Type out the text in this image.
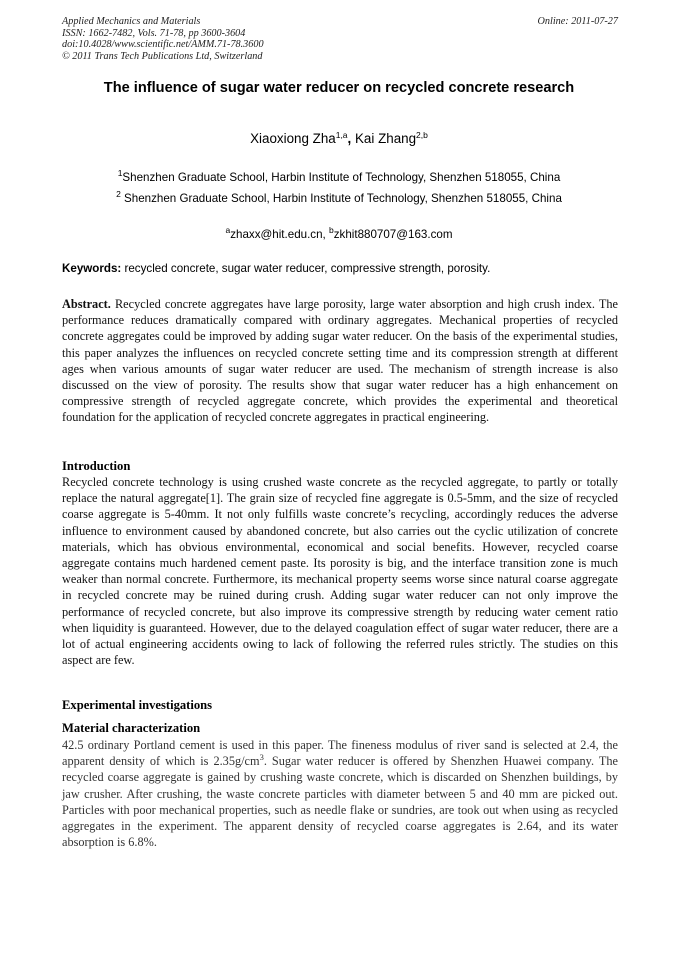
Applied Mechanics and Materials
ISSN: 1662-7482, Vols. 71-78, pp 3600-3604
doi:10.4028/www.scientific.net/AMM.71-78.3600
© 2011 Trans Tech Publications Ltd, Switzerland
Online: 2011-07-27
The influence of sugar water reducer on recycled concrete research
Xiaoxiong Zha$^{1,a}$, Kai Zhang$^{2,b}$
$^1$Shenzhen Graduate School, Harbin Institute of Technology, Shenzhen 518055, China
$^2$ Shenzhen Graduate School, Harbin Institute of Technology, Shenzhen 518055, China
$^a$zhaxx@hit.edu.cn, $^b$zkhit880707@163.com
Keywords: recycled concrete, sugar water reducer, compressive strength, porosity.

Abstract. Recycled concrete aggregates have large porosity, large water absorption and high crush index. The performance reduces dramatically compared with ordinary aggregates. Mechanical properties of recycled concrete aggregates could be improved by adding sugar water reducer. On the basis of the experimental studies, this paper analyzes the influences on recycled concrete setting time and its compression strength at different ages when various amounts of sugar water reducer are used. The mechanism of strength increase is also discussed on the view of porosity. The results show that sugar water reducer has a high enhancement on compressive strength of recycled aggregate concrete, which provides the experimental and theoretical foundation for the application of recycled concrete aggregates in practical engineering.

Introduction

Recycled concrete technology is using crushed waste concrete as the recycled aggregate, to partly or totally replace the natural aggregate[1]. The grain size of recycled fine aggregate is 0.5-5mm, and the size of recycled coarse aggregate is 5-40mm. It not only fulfills waste concrete’s recycling, accordingly reduces the adverse influence to environment caused by abandoned concrete, but also carries out the cyclic utilization of concrete materials, which has obvious environmental, economical and social benefits. However, recycled coarse aggregate contains much hardened cement paste. Its porosity is big, and the interface transition zone is much weaker than normal concrete. Furthermore, its mechanical property seems worse since natural coarse aggregate in recycled concrete may be ruined during crush. Adding sugar water reducer can not only improve the performance of recycled concrete, but also improve its compressive strength by reducing water cement ratio when liquidity is guaranteed. However, due to the delayed coagulation effect of sugar water reducer, there are a lot of actual engineering accidents owing to lack of following the referred rules strictly. The studies on this aspect are few.

Experimental investigations
Material characterization

42.5 ordinary Portland cement is used in this paper. The fineness modulus of river sand is selected at 2.4, the apparent density of which is $2.35g/cm^3$. Sugar water reducer is offered by Shenzhen Huawei company. The recycled coarse aggregate is gained by crushing waste concrete, which is discarded on Shenzhen buildings, by jaw crusher. After crushing, the waste concrete particles with diameter between 5 and 40 mm are picked out. Particles with poor mechanical properties, such as needle flake or sundries, are took out when using as recycled aggregates in the experiment. The apparent density of recycled coarse aggregates is 2.64, and its water absorption is 6.8%.
